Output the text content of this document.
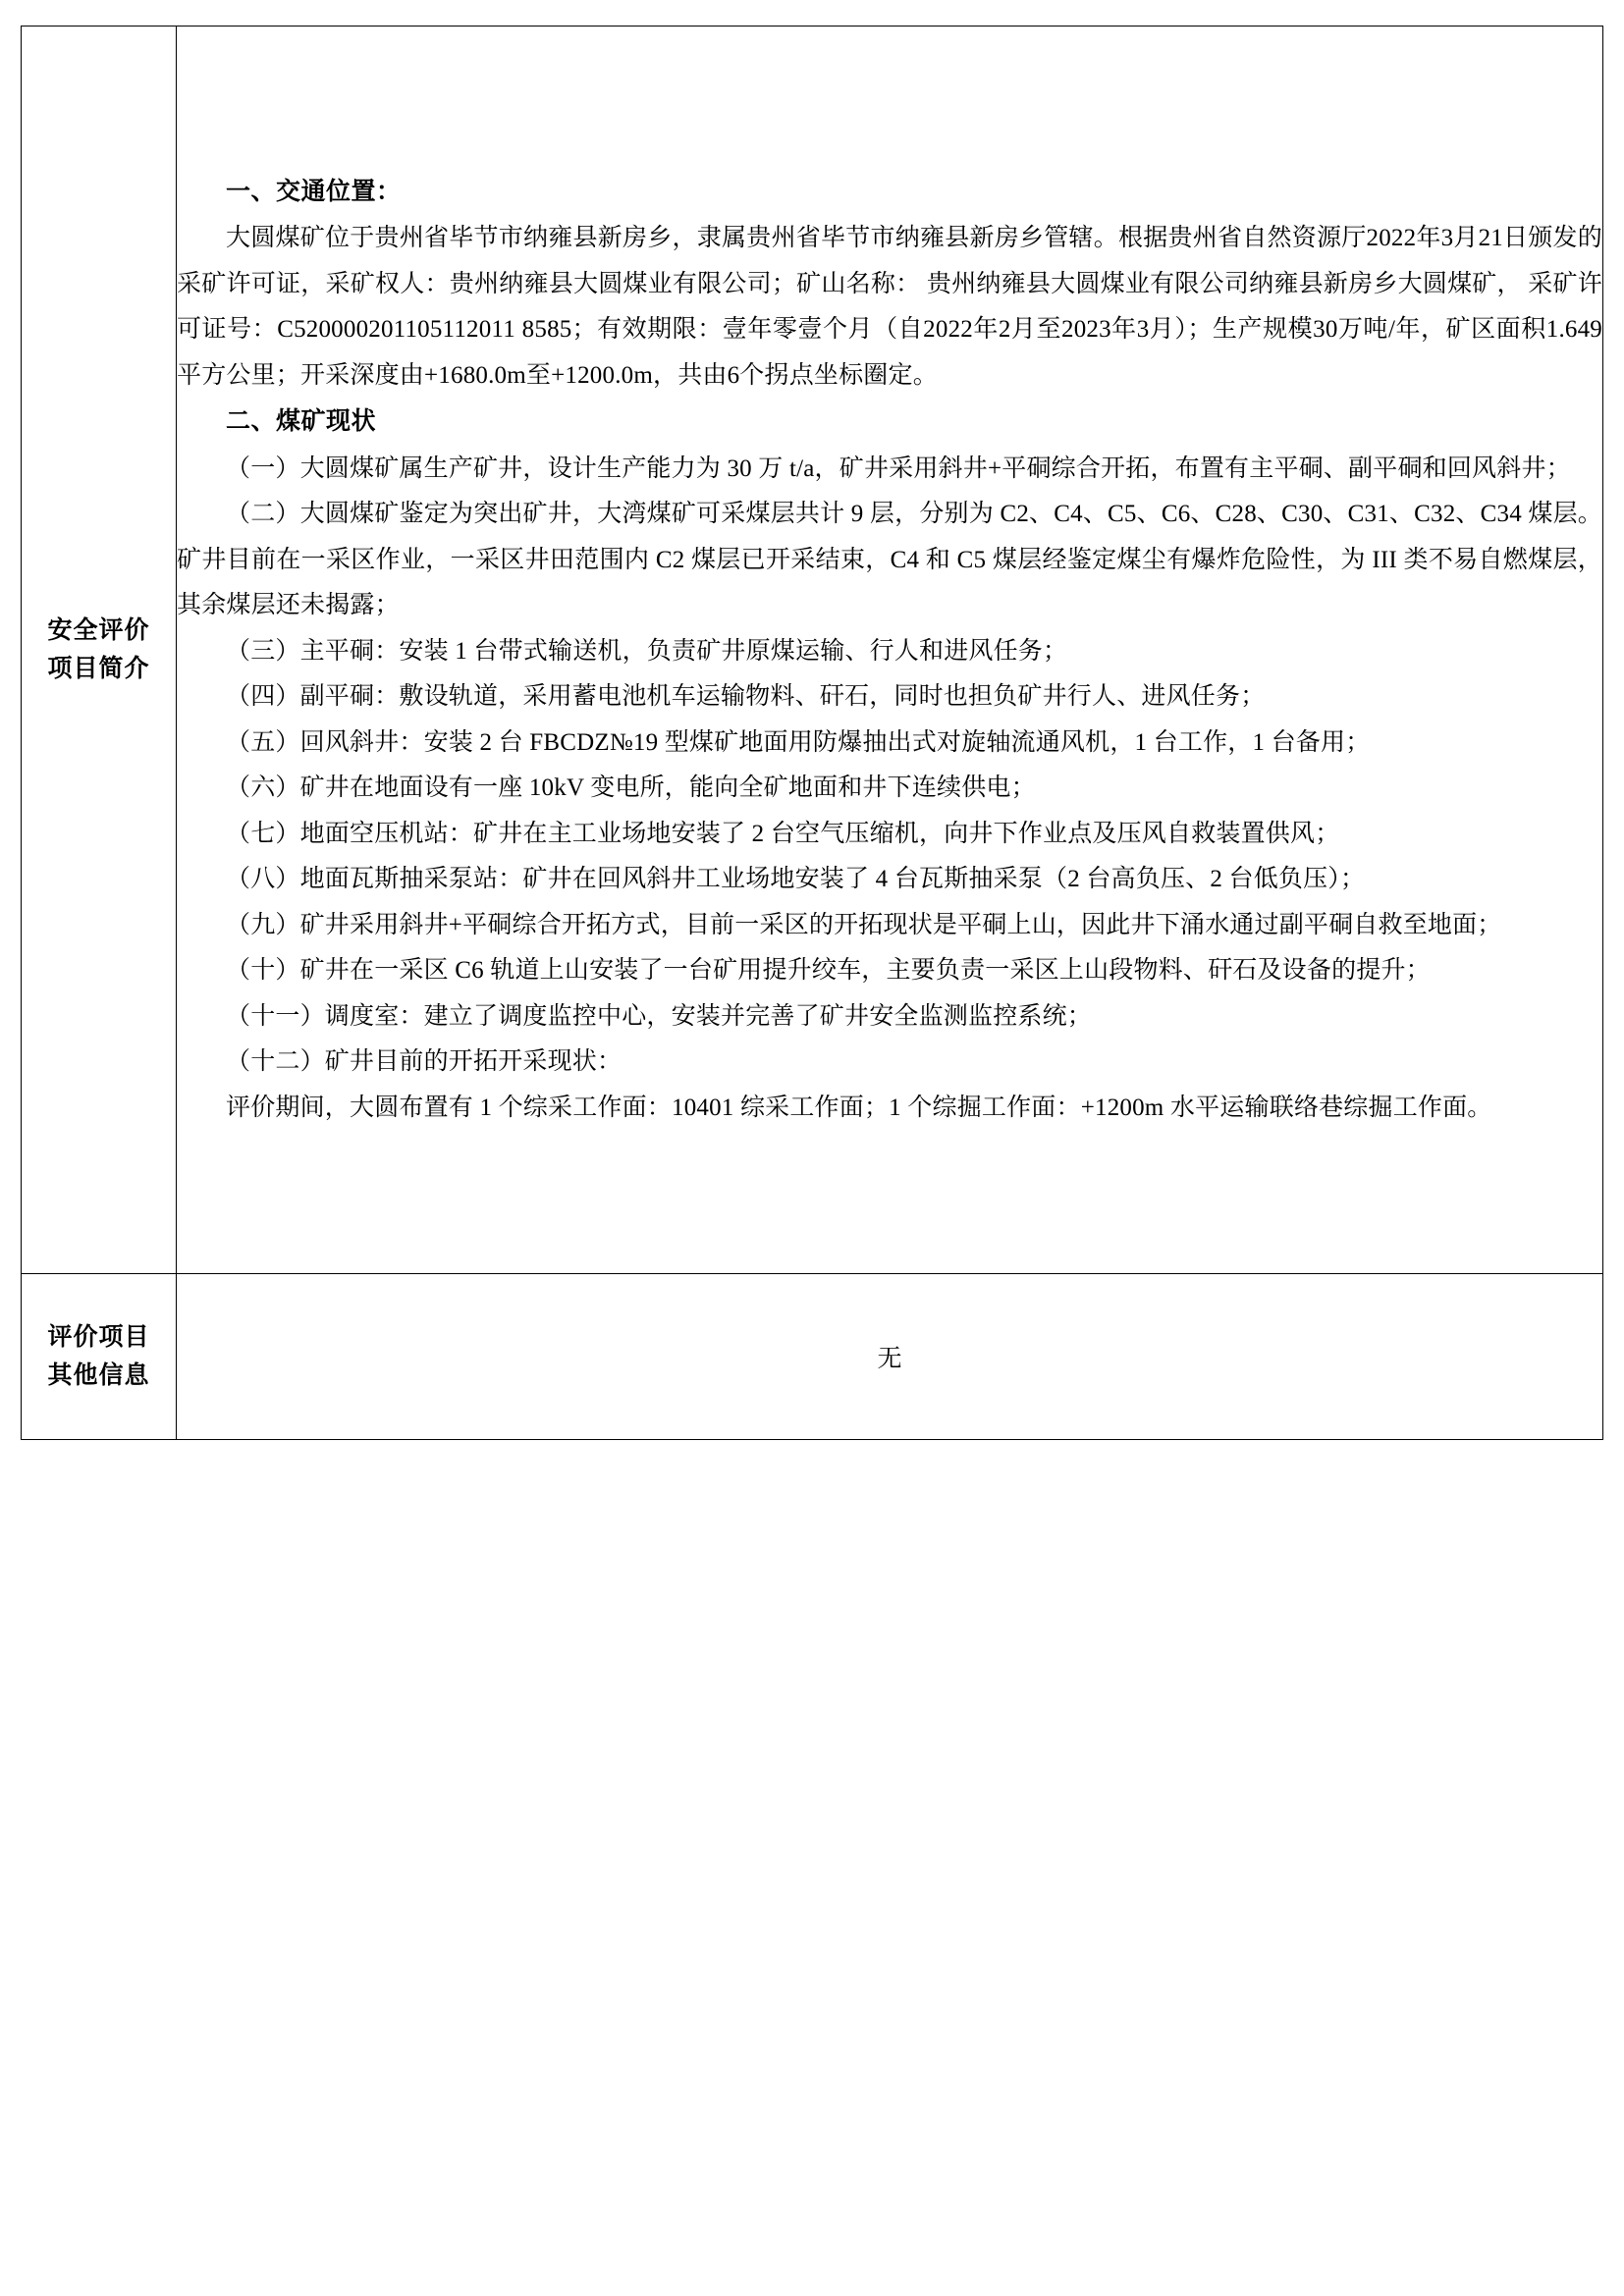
安全评价
项目简介

一、交通位置：

大圆煤矿位于贵州省毕节市纳雍县新房乡，隶属贵州省毕节市纳雍县新房乡管辖。根据贵州省自然资源厅2022年3月21日颁发的采矿许可证，采矿权人：贵州纳雍县大圆煤业有限公司；矿山名称： 贵州纳雍县大圆煤业有限公司纳雍县新房乡大圆煤矿， 采矿许可证号：C520000201105112011 8585；有效期限：壹年零壹个月（自2022年2月至2023年3月）；生产规模30万吨/年，矿区面积1.649平方公里；开采深度由+1680.0m至+1200.0m，共由6个拐点坐标圈定。

二、煤矿现状

（一）大圆煤矿属生产矿井，设计生产能力为 30 万 t/a，矿井采用斜井+平硐综合开拓，布置有主平硐、副平硐和回风斜井；

（二）大圆煤矿鉴定为突出矿井，大湾煤矿可采煤层共计 9 层，分别为 C2、C4、C5、C6、C28、C30、C31、C32、C34 煤层。矿井目前在一采区作业，一采区井田范围内 C2 煤层已开采结束，C4 和 C5 煤层经鉴定煤尘有爆炸危险性，为 III 类不易自燃煤层，其余煤层还未揭露；

（三）主平硐：安装 1 台带式输送机，负责矿井原煤运输、行人和进风任务；

（四）副平硐：敷设轨道，采用蓄电池机车运输物料、矸石，同时也担负矿井行人、进风任务；

（五）回风斜井：安装 2 台 FBCDZ№19 型煤矿地面用防爆抽出式对旋轴流通风机，1 台工作，1 台备用；

（六）矿井在地面设有一座 10kV 变电所，能向全矿地面和井下连续供电；

（七）地面空压机站：矿井在主工业场地安装了 2 台空气压缩机，向井下作业点及压风自救装置供风；

（八）地面瓦斯抽采泵站：矿井在回风斜井工业场地安装了 4 台瓦斯抽采泵（2 台高负压、2 台低负压）；

（九）矿井采用斜井+平硐综合开拓方式，目前一采区的开拓现状是平硐上山，因此井下涌水通过副平硐自救至地面；

（十）矿井在一采区 C6 轨道上山安装了一台矿用提升绞车，主要负责一采区上山段物料、矸石及设备的提升；

（十一）调度室：建立了调度监控中心，安装并完善了矿井安全监测监控系统；

（十二）矿井目前的开拓开采现状：

评价期间，大圆布置有 1 个综采工作面：10401 综采工作面；1 个综掘工作面：+1200m 水平运输联络巷综掘工作面。

评价项目
其他信息	无
